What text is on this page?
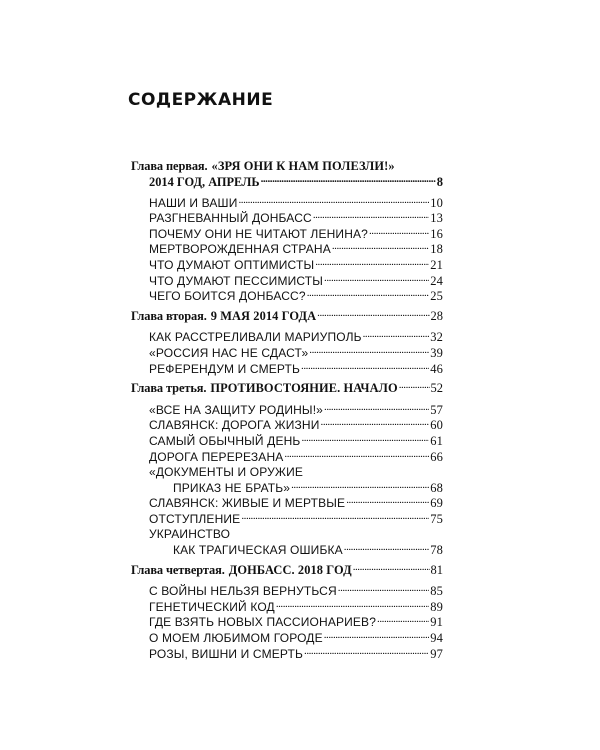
СОДЕРЖАНИЕ
Глава первая. «ЗРЯ ОНИ К НАМ ПОЛЕЗЛИ!»
2014 ГОД, АПРЕЛЬ . . .	8
НАШИ И ВАШИ . . .	10
РАЗГНЕВАННЫЙ ДОНБАСС . . .	13
ПОЧЕМУ ОНИ НЕ ЧИТАЮТ ЛЕНИНА? . . .	16
МЕРТВОРОЖДЕННАЯ СТРАНА . . .	18
ЧТО ДУМАЮТ ОПТИМИСТЫ . . .	21
ЧТО ДУМАЮТ ПЕССИМИСТЫ . . .	24
ЧЕГО БОИТСЯ ДОНБАСС? . . .	25
Глава вторая. 9 МАЯ 2014 ГОДА . . .	28
КАК РАССТРЕЛИВАЛИ МАРИУПОЛЬ . . .	32
«РОССИЯ НАС НЕ СДАСТ» . . .	39
РЕФЕРЕНДУМ И СМЕРТЬ . . .	46
Глава третья. ПРОТИВОСТОЯНИЕ. НАЧАЛО . . .	52
«ВСЕ НА ЗАЩИТУ РОДИНЫ!» . . .	57
СЛАВЯНСК: ДОРОГА ЖИЗНИ . . .	60
САМЫЙ ОБЫЧНЫЙ ДЕНЬ . . .	61
ДОРОГА ПЕРЕРЕЗАНА . . .	66
«ДОКУМЕНТЫ И ОРУЖИЕ
ПРИКАЗ НЕ БРАТЬ» . . .	68
СЛАВЯНСК: ЖИВЫЕ И МЕРТВЫЕ . . .	69
ОТСТУПЛЕНИЕ . . .	75
УКРАИНСТВО
КАК ТРАГИЧЕСКАЯ ОШИБКА . . .	78
Глава четвертая. ДОНБАСС. 2018 ГОД . . .	81
С ВОЙНЫ НЕЛЬЗЯ ВЕРНУТЬСЯ . . .	85
ГЕНЕТИЧЕСКИЙ КОД . . .	89
ГДЕ ВЗЯТЬ НОВЫХ ПАССИОНАРИЕВ? . . .	91
О МОЕМ ЛЮБИМОМ ГОРОДЕ . . .	94
РОЗЫ, ВИШНИ И СМЕРТЬ . . .	97
